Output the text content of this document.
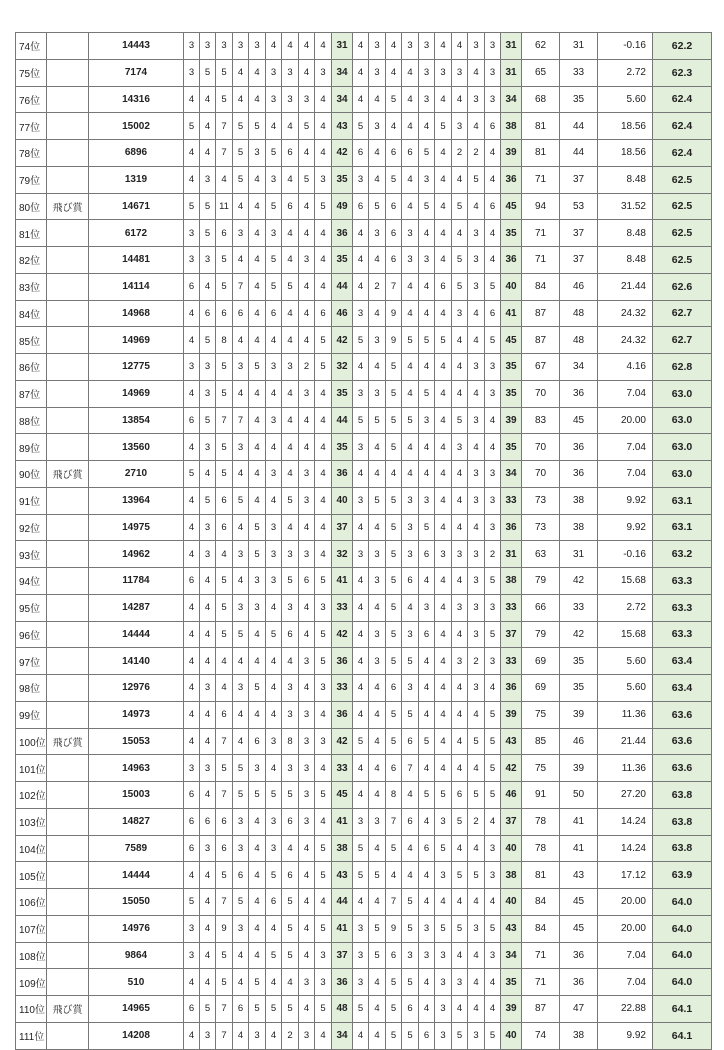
74位		14443	3	3	3	3	3	4	4	4	4	31	4	3	4	3	3	4	4	3	3	31	62	31	-0.16	62.2
75位		7174	3	5	5	4	4	3	3	4	3	34	4	3	4	4	3	3	3	4	3	31	65	33	2.72	62.3
76位		14316	4	4	5	4	4	3	3	3	4	34	4	4	5	4	3	4	4	3	3	34	68	35	5.60	62.4
77位		15002	5	4	7	5	5	4	4	5	4	43	5	3	4	4	4	5	3	4	6	38	81	44	18.56	62.4
78位		6896	4	4	7	5	3	5	6	4	4	42	6	4	6	6	5	4	2	2	4	39	81	44	18.56	62.4
79位		1319	4	3	4	5	4	3	4	5	3	35	3	4	5	4	3	4	4	5	4	36	71	37	8.48	62.5
80位	飛び賞	14671	5	5	11	4	4	5	6	4	5	49	6	5	6	4	5	4	5	4	6	45	94	53	31.52	62.5
81位		6172	3	5	6	3	4	3	4	4	4	36	4	3	6	3	4	4	4	3	4	35	71	37	8.48	62.5
82位		14481	3	3	5	4	4	5	4	3	4	35	4	4	6	3	3	4	5	3	4	36	71	37	8.48	62.5
83位		14114	6	4	5	7	4	5	5	4	4	44	4	2	7	4	4	6	5	3	5	40	84	46	21.44	62.6
84位		14968	4	6	6	6	4	6	4	4	6	46	3	4	9	4	4	4	3	4	6	41	87	48	24.32	62.7
85位		14969	4	5	8	4	4	4	4	4	5	42	5	3	9	5	5	5	4	4	5	45	87	48	24.32	62.7
86位		12775	3	3	5	3	5	3	3	2	5	32	4	4	5	4	4	4	4	3	3	35	67	34	4.16	62.8
87位		14969	4	3	5	4	4	4	4	3	4	35	3	3	5	4	5	4	4	4	3	35	70	36	7.04	63.0
88位		13854	6	5	7	7	4	3	4	4	4	44	5	5	5	5	3	4	5	3	4	39	83	45	20.00	63.0
89位		13560	4	3	5	3	4	4	4	4	4	35	3	4	5	4	4	4	3	4	4	35	70	36	7.04	63.0
90位	飛び賞	2710	5	4	5	4	4	3	4	3	4	36	4	4	4	4	4	4	4	3	3	34	70	36	7.04	63.0
91位		13964	4	5	6	5	4	4	5	3	4	40	3	5	5	3	3	4	4	3	3	33	73	38	9.92	63.1
92位		14975	4	3	6	4	5	3	4	4	4	37	4	4	5	3	5	4	4	4	3	36	73	38	9.92	63.1
93位		14962	4	3	4	3	5	3	3	3	4	32	3	3	5	3	6	3	3	3	2	31	63	31	-0.16	63.2
94位		11784	6	4	5	4	3	3	5	6	5	41	4	3	5	6	4	4	4	3	5	38	79	42	15.68	63.3
95位		14287	4	4	5	3	3	4	3	4	3	33	4	4	5	4	3	4	3	3	3	33	66	33	2.72	63.3
96位		14444	4	4	5	5	4	5	6	4	5	42	4	3	5	3	6	4	4	3	5	37	79	42	15.68	63.3
97位		14140	4	4	4	4	4	4	4	3	5	36	4	3	5	5	4	4	3	2	3	33	69	35	5.60	63.4
98位		12976	4	3	4	3	5	4	3	4	3	33	4	4	6	3	4	4	4	3	4	36	69	35	5.60	63.4
99位		14973	4	4	6	4	4	4	3	3	4	36	4	4	5	5	4	4	4	4	5	39	75	39	11.36	63.6
100位	飛び賞	15053	4	4	7	4	6	3	8	3	3	42	5	4	5	6	5	4	4	5	5	43	85	46	21.44	63.6
101位		14963	3	3	5	5	3	4	3	3	4	33	4	4	6	7	4	4	4	4	5	42	75	39	11.36	63.6
102位		15003	6	4	7	5	5	5	5	3	5	45	4	4	8	4	5	5	6	5	5	46	91	50	27.20	63.8
103位		14827	6	6	6	3	4	3	6	3	4	41	3	3	7	6	4	3	5	2	4	37	78	41	14.24	63.8
104位		7589	6	3	6	3	4	3	4	4	5	38	5	4	5	4	6	5	4	4	3	40	78	41	14.24	63.8
105位		14444	4	4	5	6	4	5	6	4	5	43	5	5	4	4	4	3	5	5	3	38	81	43	17.12	63.9
106位		15050	5	4	7	5	4	6	5	4	4	44	4	4	7	5	4	4	4	4	4	40	84	45	20.00	64.0
107位		14976	3	4	9	3	4	4	5	4	5	41	3	5	9	5	3	5	5	3	5	43	84	45	20.00	64.0
108位		9864	3	4	5	4	4	5	5	4	3	37	3	5	6	3	3	3	4	4	3	34	71	36	7.04	64.0
109位		510	4	4	5	4	5	4	4	3	3	36	3	4	5	5	4	3	3	4	4	35	71	36	7.04	64.0
110位	飛び賞	14965	6	5	7	6	5	5	5	4	5	48	5	4	5	6	4	3	4	4	4	39	87	47	22.88	64.1
111位		14208	4	3	7	4	3	4	2	3	4	34	4	4	5	5	6	3	5	3	5	40	74	38	9.92	64.1
